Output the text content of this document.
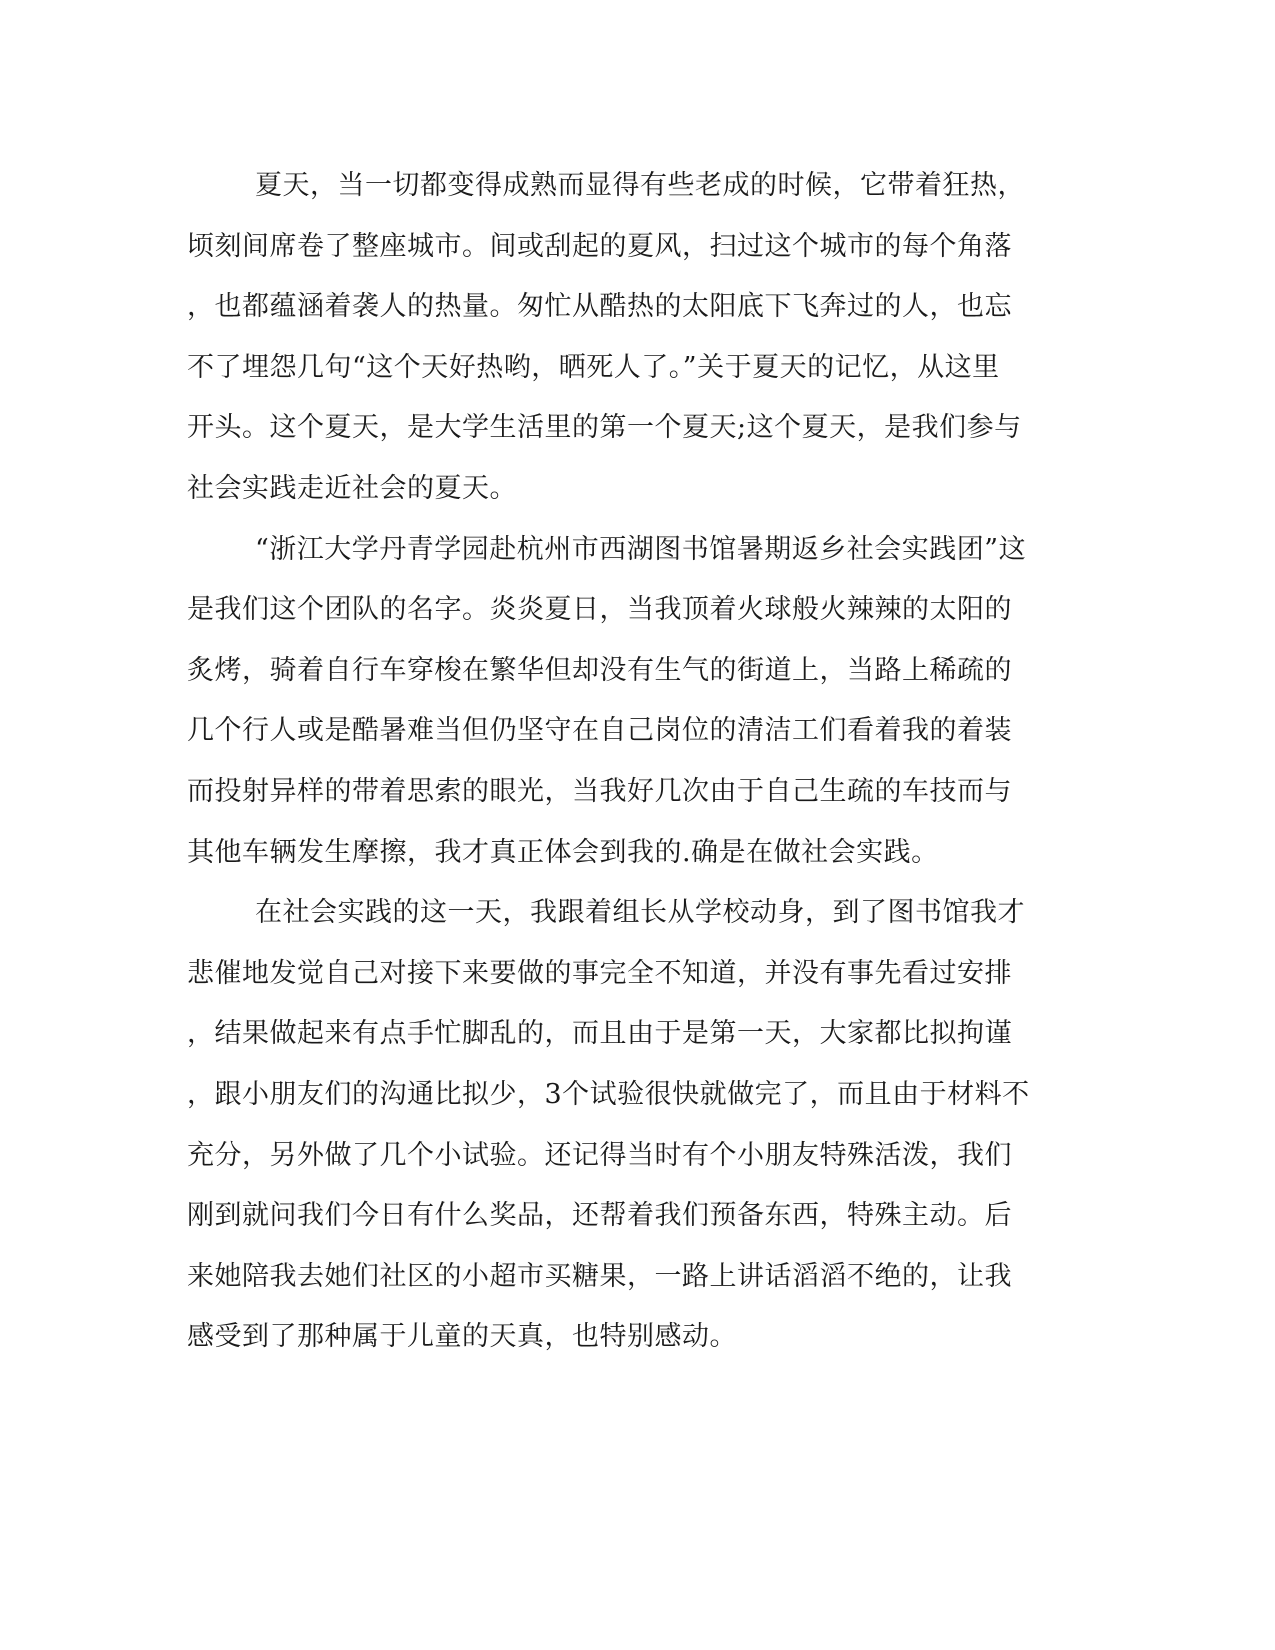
夏天，当一切都变得成熟而显得有些老成的时候，它带着狂热，
顷刻间席卷了整座城市。间或刮起的夏风，扫过这个城市的每个角落
，也都蕴涵着袭人的热量。匆忙从酷热的太阳底下飞奔过的人，也忘
不了埋怨几句“这个天好热哟，晒死人了。”关于夏天的记忆，从这里
开头。这个夏天，是大学生活里的第一个夏天;这个夏天，是我们参与
社会实践走近社会的夏天。

“浙江大学丹青学园赴杭州市西湖图书馆暑期返乡社会实践团”这
是我们这个团队的名字。炎炎夏日，当我顶着火球般火辣辣的太阳的
炙烤，骑着自行车穿梭在繁华但却没有生气的街道上，当路上稀疏的
几个行人或是酷暑难当但仍坚守在自己岗位的清洁工们看着我的着装
而投射异样的带着思索的眼光，当我好几次由于自己生疏的车技而与
其他车辆发生摩擦，我才真正体会到我的.确是在做社会实践。

在社会实践的这一天，我跟着组长从学校动身，到了图书馆我才
悲催地发觉自己对接下来要做的事完全不知道，并没有事先看过安排
，结果做起来有点手忙脚乱的，而且由于是第一天，大家都比拟拘谨
，跟小朋友们的沟通比拟少，3个试验很快就做完了，而且由于材料不
充分，另外做了几个小试验。还记得当时有个小朋友特殊活泼，我们
刚到就问我们今日有什么奖品，还帮着我们预备东西，特殊主动。后
来她陪我去她们社区的小超市买糖果，一路上讲话滔滔不绝的，让我
感受到了那种属于儿童的天真，也特别感动。
